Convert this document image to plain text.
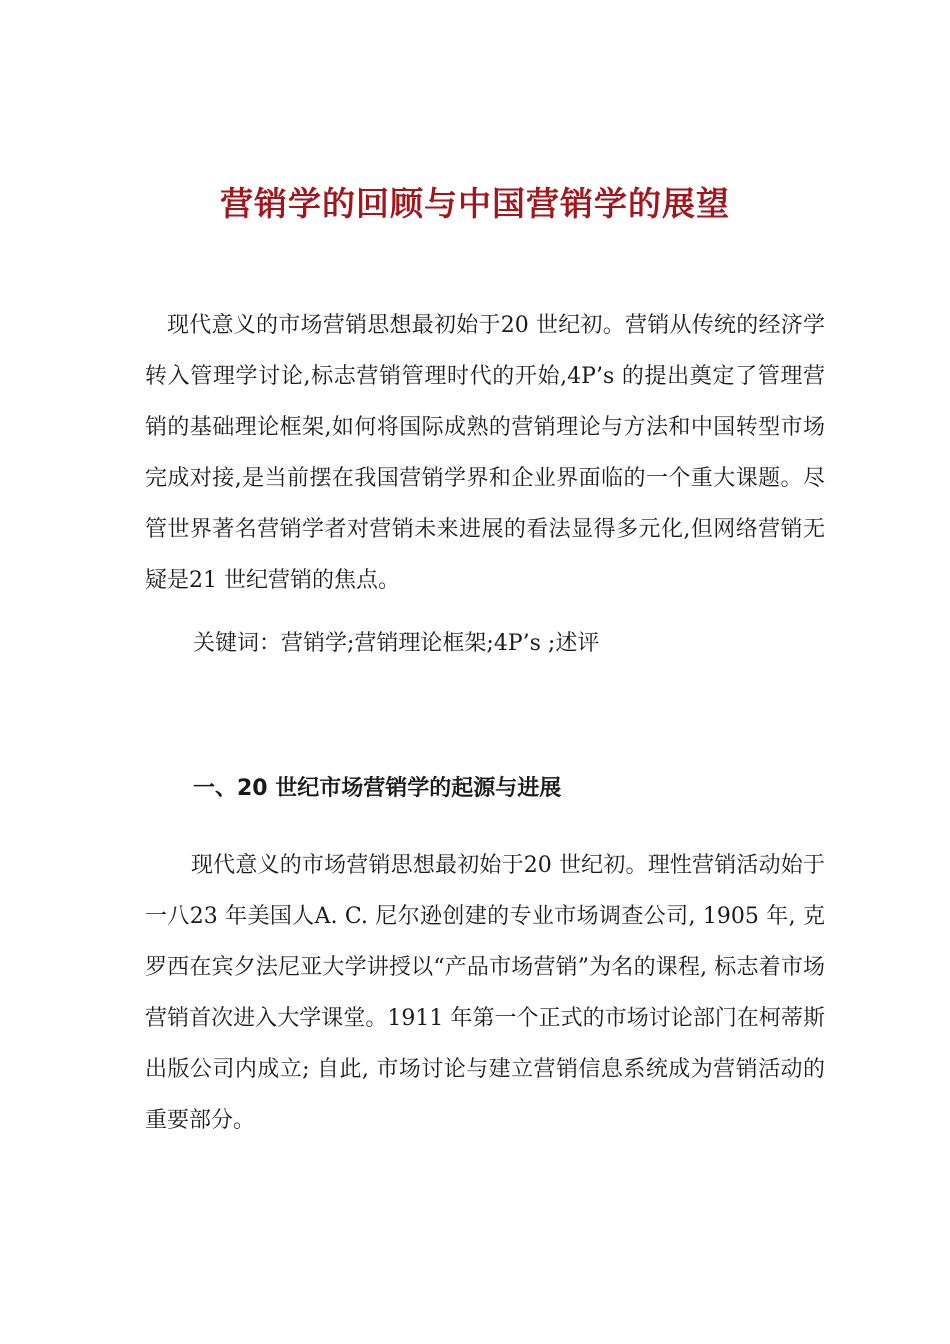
营销学的回顾与中国营销学的展望

现代意义的市场营销思想最初始于20 世纪初。营销从传统的经济学转入管理学讨论,标志营销管理时代的开始,4P’s 的提出奠定了管理营销的基础理论框架,如何将国际成熟的营销理论与方法和中国转型市场完成对接,是当前摆在我国营销学界和企业界面临的一个重大课题。尽管世界著名营销学者对营销未来进展的看法显得多元化,但网络营销无疑是21 世纪营销的焦点。

关键词：营销学;营销理论框架;4P’s ;述评

一、20 世纪市场营销学的起源与进展

现代意义的市场营销思想最初始于20 世纪初。理性营销活动始于一八23 年美国人A. C. 尼尔逊创建的专业市场调查公司, 1905 年, 克罗西在宾夕法尼亚大学讲授以“产品市场营销”为名的课程, 标志着市场营销首次进入大学课堂。1911 年第一个正式的市场讨论部门在柯蒂斯出版公司内成立; 自此, 市场讨论与建立营销信息系统成为营销活动的重要部分。
